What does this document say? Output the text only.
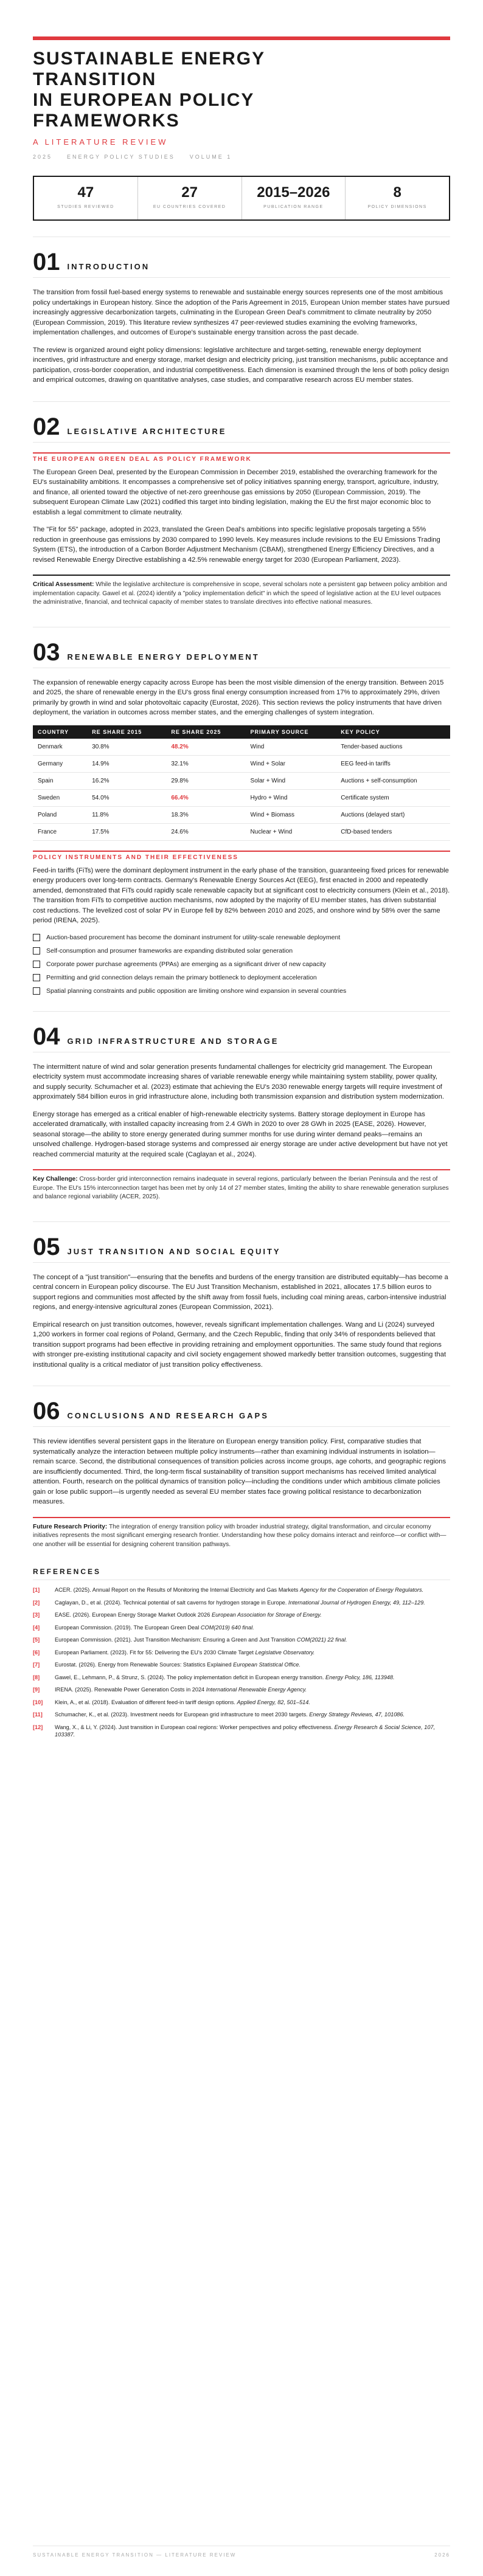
SUSTAINABLE ENERGY
TRANSITION
IN EUROPEAN POLICY
FRAMEWORKS
A LITERATURE REVIEW
2025	ENERGY POLICY STUDIES	VOLUME 1
47
STUDIES REVIEWED
27
EU COUNTRIES COVERED
2015–2026
PUBLICATION RANGE
8
POLICY DIMENSIONS
01 INTRODUCTION

The transition from fossil fuel-based energy systems to renewable and sustainable energy sources represents one of the most ambitious policy undertakings in European history. Since the adoption of the Paris Agreement in 2015, European Union member states have pursued increasingly aggressive decarbonization targets, culminating in the European Green Deal's commitment to climate neutrality by 2050 (European Commission, 2019). This literature review synthesizes 47 peer-reviewed studies examining the evolving frameworks, implementation challenges, and outcomes of Europe's sustainable energy transition across the past decade.

The review is organized around eight policy dimensions: legislative architecture and target-setting, renewable energy deployment incentives, grid infrastructure and energy storage, market design and electricity pricing, just transition mechanisms, public acceptance and participation, cross-border cooperation, and industrial competitiveness. Each dimension is examined through the lens of both policy design and empirical outcomes, drawing on quantitative analyses, case studies, and comparative research across EU member states.

02 LEGISLATIVE ARCHITECTURE
THE EUROPEAN GREEN DEAL AS POLICY FRAMEWORK

The European Green Deal, presented by the European Commission in December 2019, established the overarching framework for the EU's sustainability ambitions. It encompasses a comprehensive set of policy initiatives spanning energy, transport, agriculture, industry, and finance, all oriented toward the objective of net-zero greenhouse gas emissions by 2050 (European Commission, 2019). The subsequent European Climate Law (2021) codified this target into binding legislation, making the EU the first major economic bloc to establish a legal commitment to climate neutrality.

The "Fit for 55" package, adopted in 2023, translated the Green Deal's ambitions into specific legislative proposals targeting a 55% reduction in greenhouse gas emissions by 2030 compared to 1990 levels. Key measures include revisions to the EU Emissions Trading System (ETS), the introduction of a Carbon Border Adjustment Mechanism (CBAM), strengthened Energy Efficiency Directives, and a revised Renewable Energy Directive establishing a 42.5% renewable energy target for 2030 (European Parliament, 2023).

Critical Assessment: While the legislative architecture is comprehensive in scope, several scholars note a persistent gap between policy ambition and implementation capacity. Gawel et al. (2024) identify a "policy implementation deficit" in which the speed of legislative action at the EU level outpaces the administrative, financial, and technical capacity of member states to translate directives into effective national measures.
03 RENEWABLE ENERGY DEPLOYMENT

The expansion of renewable energy capacity across Europe has been the most visible dimension of the energy transition. Between 2015 and 2025, the share of renewable energy in the EU's gross final energy consumption increased from 17% to approximately 29%, driven primarily by growth in wind and solar photovoltaic capacity (Eurostat, 2026). This section reviews the policy instruments that have driven deployment, the variation in outcomes across member states, and the emerging challenges of system integration.

COUNTRY	RE SHARE 2015	RE SHARE 2025	PRIMARY SOURCE	KEY POLICY
Denmark	30.8%	48.2%	Wind	Tender-based auctions
Germany	14.9%	32.1%	Wind + Solar	EEG feed-in tariffs
Spain	16.2%	29.8%	Solar + Wind	Auctions + self-consumption
Sweden	54.0%	66.4%	Hydro + Wind	Certificate system
Poland	11.8%	18.3%	Wind + Biomass	Auctions (delayed start)
France	17.5%	24.6%	Nuclear + Wind	CfD-based tenders
POLICY INSTRUMENTS AND THEIR EFFECTIVENESS

Feed-in tariffs (FiTs) were the dominant deployment instrument in the early phase of the transition, guaranteeing fixed prices for renewable energy producers over long-term contracts. Germany's Renewable Energy Sources Act (EEG), first enacted in 2000 and repeatedly amended, demonstrated that FiTs could rapidly scale renewable capacity but at significant cost to electricity consumers (Klein et al., 2018). The transition from FiTs to competitive auction mechanisms, now adopted by the majority of EU member states, has driven substantial cost reductions. The levelized cost of solar PV in Europe fell by 82% between 2010 and 2025, and onshore wind by 58% over the same period (IRENA, 2025).

Auction-based procurement has become the dominant instrument for utility-scale renewable deployment
Self-consumption and prosumer frameworks are expanding distributed solar generation
Corporate power purchase agreements (PPAs) are emerging as a significant driver of new capacity
Permitting and grid connection delays remain the primary bottleneck to deployment acceleration
Spatial planning constraints and public opposition are limiting onshore wind expansion in several countries
04 GRID INFRASTRUCTURE AND STORAGE

The intermittent nature of wind and solar generation presents fundamental challenges for electricity grid management. The European electricity system must accommodate increasing shares of variable renewable energy while maintaining system stability, power quality, and supply security. Schumacher et al. (2023) estimate that achieving the EU's 2030 renewable energy targets will require investment of approximately 584 billion euros in grid infrastructure alone, including both transmission expansion and distribution system modernization.

Energy storage has emerged as a critical enabler of high-renewable electricity systems. Battery storage deployment in Europe has accelerated dramatically, with installed capacity increasing from 2.4 GWh in 2020 to over 28 GWh in 2025 (EASE, 2026). However, seasonal storage—the ability to store energy generated during summer months for use during winter demand peaks—remains an unsolved challenge. Hydrogen-based storage systems and compressed air energy storage are under active development but have not yet reached commercial maturity at the required scale (Caglayan et al., 2024).

Key Challenge: Cross-border grid interconnection remains inadequate in several regions, particularly between the Iberian Peninsula and the rest of Europe. The EU's 15% interconnection target has been met by only 14 of 27 member states, limiting the ability to share renewable generation surpluses and balance regional variability (ACER, 2025).
05 JUST TRANSITION AND SOCIAL EQUITY

The concept of a "just transition"—ensuring that the benefits and burdens of the energy transition are distributed equitably—has become a central concern in European policy discourse. The EU Just Transition Mechanism, established in 2021, allocates 17.5 billion euros to support regions and communities most affected by the shift away from fossil fuels, including coal mining areas, carbon-intensive industrial regions, and energy-intensive agricultural zones (European Commission, 2021).

Empirical research on just transition outcomes, however, reveals significant implementation challenges. Wang and Li (2024) surveyed 1,200 workers in former coal regions of Poland, Germany, and the Czech Republic, finding that only 34% of respondents believed that transition support programs had been effective in providing retraining and employment opportunities. The same study found that regions with stronger pre-existing institutional capacity and civil society engagement showed markedly better transition outcomes, suggesting that institutional quality is a critical mediator of just transition policy effectiveness.

06 CONCLUSIONS AND RESEARCH GAPS

This review identifies several persistent gaps in the literature on European energy transition policy. First, comparative studies that systematically analyze the interaction between multiple policy instruments—rather than examining individual instruments in isolation—remain scarce. Second, the distributional consequences of transition policies across income groups, age cohorts, and geographic regions are insufficiently documented. Third, the long-term fiscal sustainability of transition support mechanisms has received limited analytical attention. Fourth, research on the political dynamics of transition policy—including the conditions under which ambitious climate policies gain or lose public support—is urgently needed as several EU member states face growing political resistance to decarbonization measures.

Future Research Priority: The integration of energy transition policy with broader industrial strategy, digital transformation, and circular economy initiatives represents the most significant emerging research frontier. Understanding how these policy domains interact and reinforce—or conflict with—one another will be essential for designing coherent transition pathways.
REFERENCES
[1]	ACER. (2025). Annual Report on the Results of Monitoring the Internal Electricity and Gas Markets Agency for the Cooperation of Energy Regulators.
[2]	Caglayan, D., et al. (2024). Technical potential of salt caverns for hydrogen storage in Europe. International Journal of Hydrogen Energy, 49, 112–129.
[3]	EASE. (2026). European Energy Storage Market Outlook 2026 European Association for Storage of Energy.
[4]	European Commission. (2019). The European Green Deal COM(2019) 640 final.
[5]	European Commission. (2021). Just Transition Mechanism: Ensuring a Green and Just Transition COM(2021) 22 final.
[6]	European Parliament. (2023). Fit for 55: Delivering the EU's 2030 Climate Target Legislative Observatory.
[7]	Eurostat. (2026). Energy from Renewable Sources: Statistics Explained European Statistical Office.
[8]	Gawel, E., Lehmann, P., & Strunz, S. (2024). The policy implementation deficit in European energy transition. Energy Policy, 186, 113948.
[9]	IRENA. (2025). Renewable Power Generation Costs in 2024 International Renewable Energy Agency.
[10]	Klein, A., et al. (2018). Evaluation of different feed-in tariff design options. Applied Energy, 82, 501–514.
[11]	Schumacher, K., et al. (2023). Investment needs for European grid infrastructure to meet 2030 targets. Energy Strategy Reviews, 47, 101086.
[12]	Wang, X., & Li, Y. (2024). Just transition in European coal regions: Worker perspectives and policy effectiveness. Energy Research & Social Science, 107, 103387.
SUSTAINABLE ENERGY TRANSITION — LITERATURE REVIEW	2026
